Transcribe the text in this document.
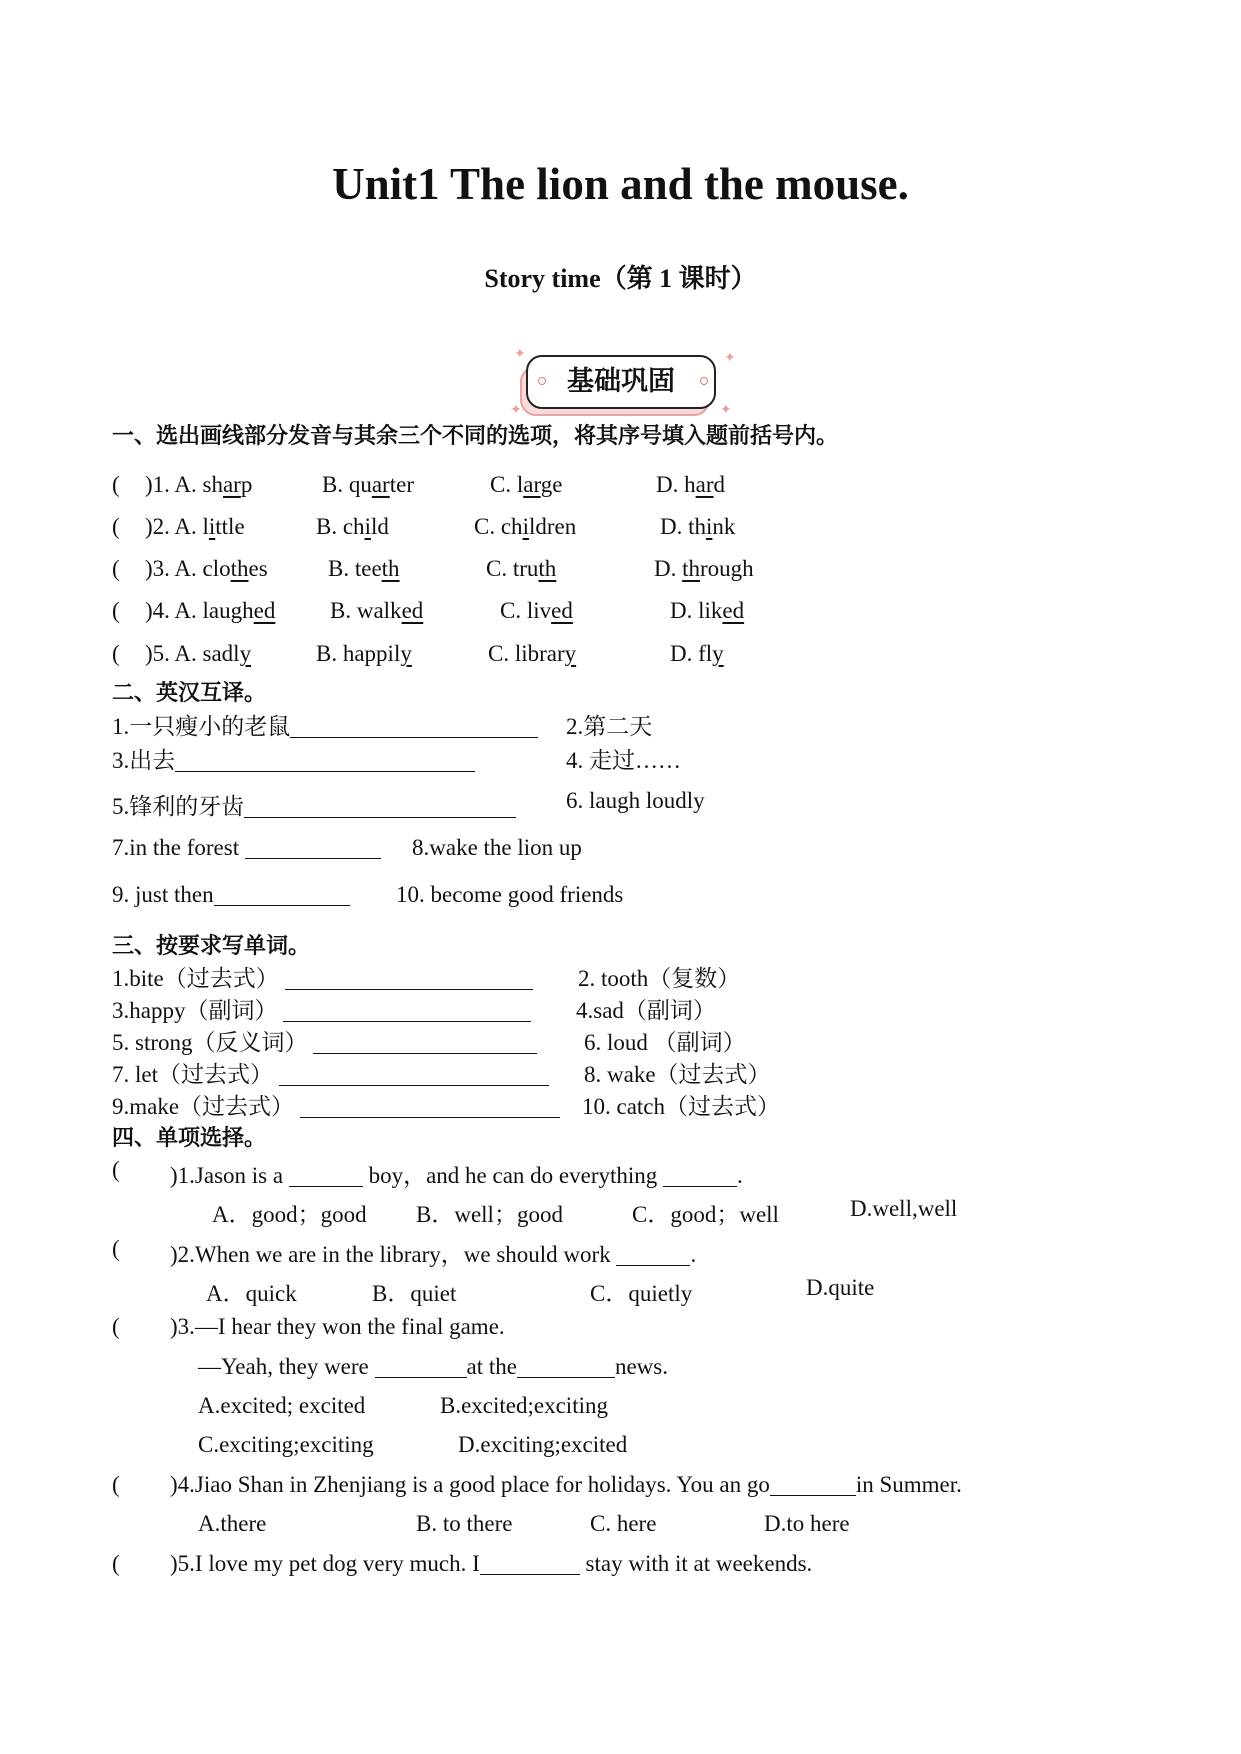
Unit1 The lion and the mouse.
Story time（第 1 课时）
✦
✦
✦
✦
基础巩固
一、选出画线部分发音与其余三个不同的选项，将其序号填入题前括号内。
( )1. A. sharp	B. quarter	C. large	D. hard
( )2. A. little	B. child	C. children	D. think
( )3. A. clothes	B. teeth	C. truth	D. through
( )4. A. laughed B. walked	C. lived	D. liked
( )5. A. sadly	B. happily	C. library	D. fly
二、英汉互译。
1.一只瘦小的老鼠	2.第二天
3.出去	4. 走过……
5.锋利的牙齿	6. laugh loudly
7.in the forest	8.wake the lion up
9. just then	10. become good friends
三、按要求写单词。
1.bite（过去式）	2. tooth（复数）
3.happy（副词）	4.sad（副词）
5. strong（反义词）	6. loud （副词）
7. let（过去式）	8. wake（过去式）
9.make（过去式）	10. catch（过去式）
四、单项选择。
( )1.Jason is a	boy，and he can do everything	.
A．good；good B．well；good	C．good；well	D.well,well
( )2.When we are in the library，we should work	.
A．quick	B．quiet	C．quietly	D.quite
( )3.—I hear they won the final game.
—Yeah, they were	at the	news.
A.excited; excited	B.excited;exciting
C.exciting;exciting	D.exciting;excited
( )4.Jiao Shan in Zhenjiang is a good place for holidays. You an go	in Summer.
A.there	B. to there	C. here	D.to here
( )5.I love my pet dog very much. I	stay with it at weekends.
